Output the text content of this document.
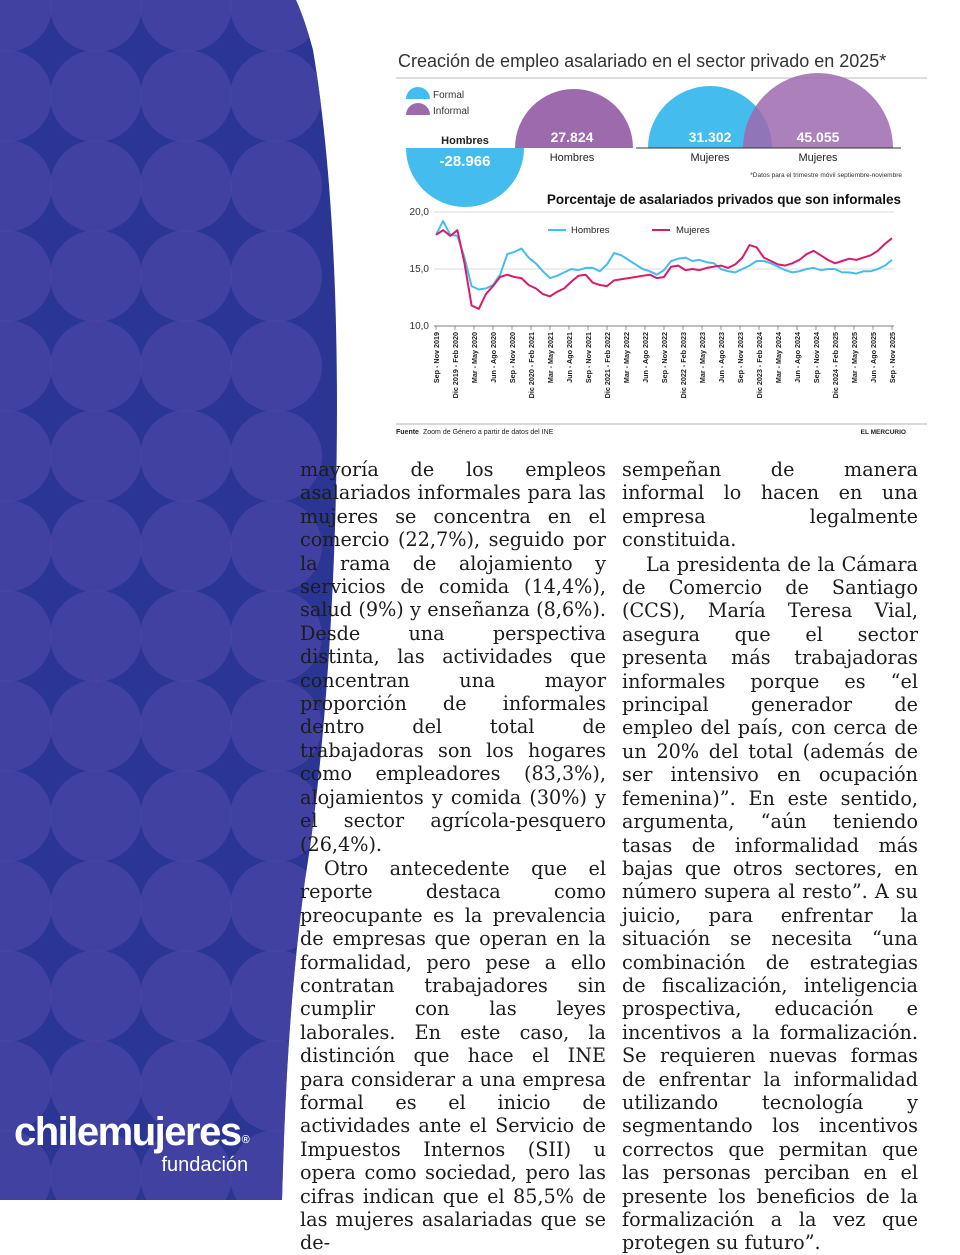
chilemujeres®
fundación
Creación de empleo asalariado en el sector privado en 2025*
Formal
Informal
Hombres
-28.966
27.824
Hombres
31.302
Mujeres
45.055
Mujeres
*Datos para el trimestre móvil septiembre-noviembre
Porcentaje de asalariados privados que son informales
20,0
15,0
10,0
Hombres	Mujeres
Sep - Nov 2019 Dic 2019 - Feb 2020 Mar - May 2020 Jun - Ago 2020 Sep - Nov 2020 Dic 2020 - Feb 2021 Mar - May 2021 Jun - Ago 2021 Sep - Nov 2021 Dic 2021 - Feb 2022 Mar - May 2022 Jun - Ago 2022 Sep - Nov 2022 Dic 2022 - Feb 2023 Mar - May 2023 Jun - Ago 2023 Sep - Nov 2023 Dic 2023 - Feb 2024 Mar - May 2024 Jun - Ago 2024 Sep - Nov 2024 Dic 2024 - Feb 2025 Mar - May 2025 Jun - Ago 2025 Sep - Nov 2025
Fuente Zoom de Género a partir de datos del INE	EL MERCURIO

mayoría de los empleos asalariados informales para las mujeres se concentra en el comercio (22,7%), seguido por la rama de alojamiento y servicios de comida (14,4%), salud (9%) y enseñanza (8,6%). Desde una perspectiva distinta, las actividades que concentran una mayor proporción de informales dentro del total de trabajadoras son los hogares como empleadores (83,3%), alojamientos y comida (30%) y el sector agrícola-pesquero (26,4%).

Otro antecedente que el reporte destaca como preocupante es la prevalencia de empresas que operan en la formalidad, pero pese a ello contratan trabajadores sin cumplir con las leyes laborales. En este caso, la distinción que hace el INE para considerar a una empresa formal es el inicio de actividades ante el Servicio de Impuestos Internos (SII) u opera como sociedad, pero las cifras indican que el 85,5% de las mujeres asalariadas que se de-

sempeñan de manera informal lo hacen en una empresa legalmente constituida.

La presidenta de la Cámara de Comercio de Santiago (CCS), María Teresa Vial, asegura que el sector presenta más trabajadoras informales porque es “el principal generador de empleo del país, con cerca de un 20% del total (además de ser intensivo en ocupación femenina)”. En este sentido, argumenta, “aún teniendo tasas de informalidad más bajas que otros sectores, en número supera al resto”. A su juicio, para enfrentar la situación se necesita “una combinación de estrategias de fiscalización, inteligencia prospectiva, educación e incentivos a la formalización. Se requieren nuevas formas de enfrentar la informalidad utilizando tecnología y segmentando los incentivos correctos que permitan que las personas perciban en el presente los beneficios de la formalización a la vez que protegen su futuro”.
